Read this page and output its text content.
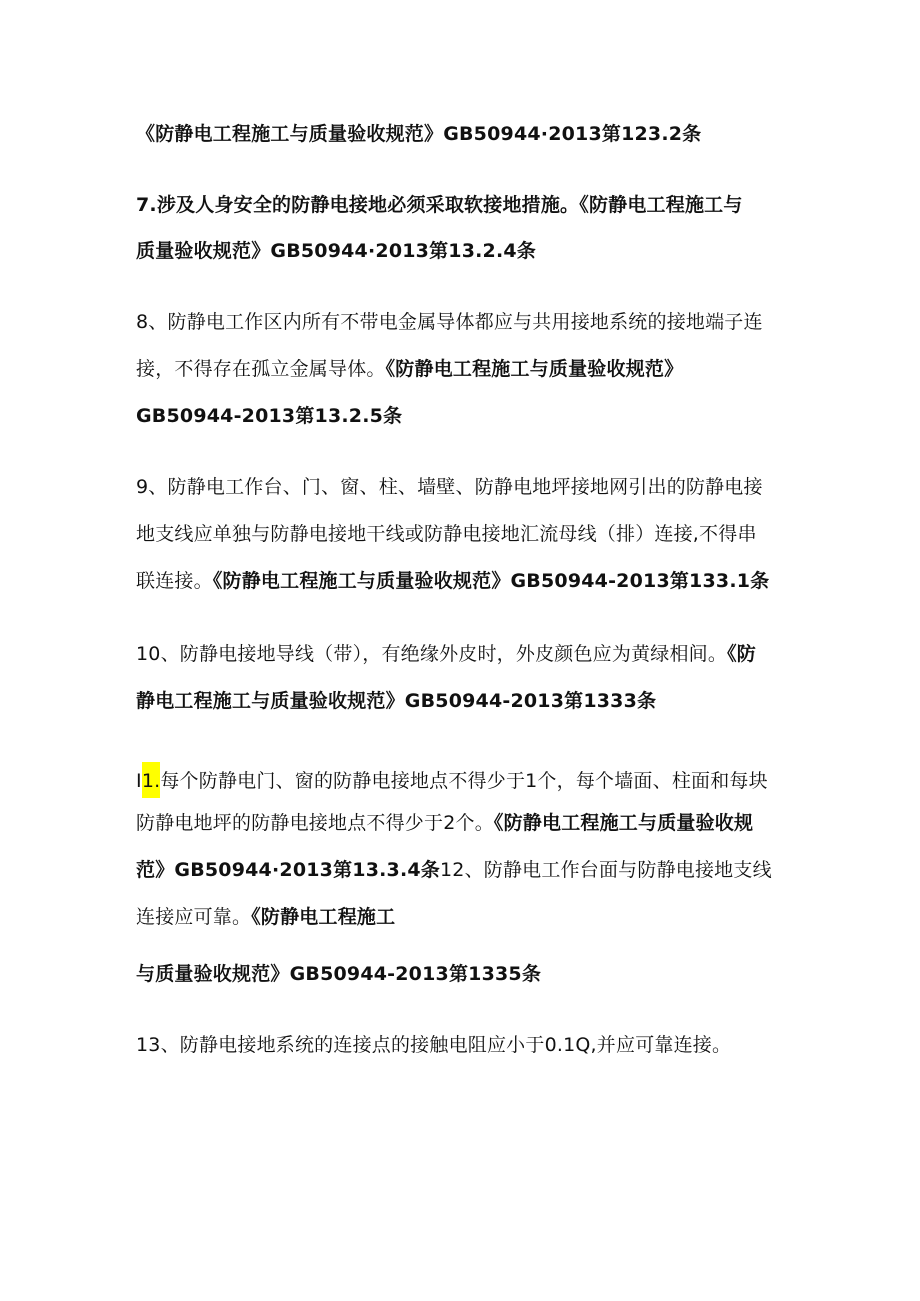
《防静电工程施工与质量验收规范》GB50944·2013第123.2条
7.涉及人身安全的防静电接地必须采取软接地措施。《防静电工程施工与
质量验收规范》GB50944·2013第13.2.4条
8、防静电工作区内所有不带电金属导体都应与共用接地系统的接地端子连
接，不得存在孤立金属导体。《防静电工程施工与质量验收规范》
GB50944-2013第13.2.5条
9、防静电工作台、门、窗、柱、墙壁、防静电地坪接地网引出的防静电接
地支线应单独与防静电接地干线或防静电接地汇流母线（排）连接,不得串
联连接。《防静电工程施工与质量验收规范》GB50944-2013第133.1条
10、防静电接地导线（带），有绝缘外皮时，外皮颜色应为黄绿相间。《防
静电工程施工与质量验收规范》GB50944-2013第1333条
I1.每个防静电门、窗的防静电接地点不得少于1个，每个墙面、柱面和每块
防静电地坪的防静电接地点不得少于2个。《防静电工程施工与质量验收规
范》GB50944·2013第13.3.4条12、防静电工作台面与防静电接地支线
连接应可靠。《防静电工程施工
与质量验收规范》GB50944-2013第1335条
13、防静电接地系统的连接点的接触电阻应小于0.1Q,并应可靠连接。
